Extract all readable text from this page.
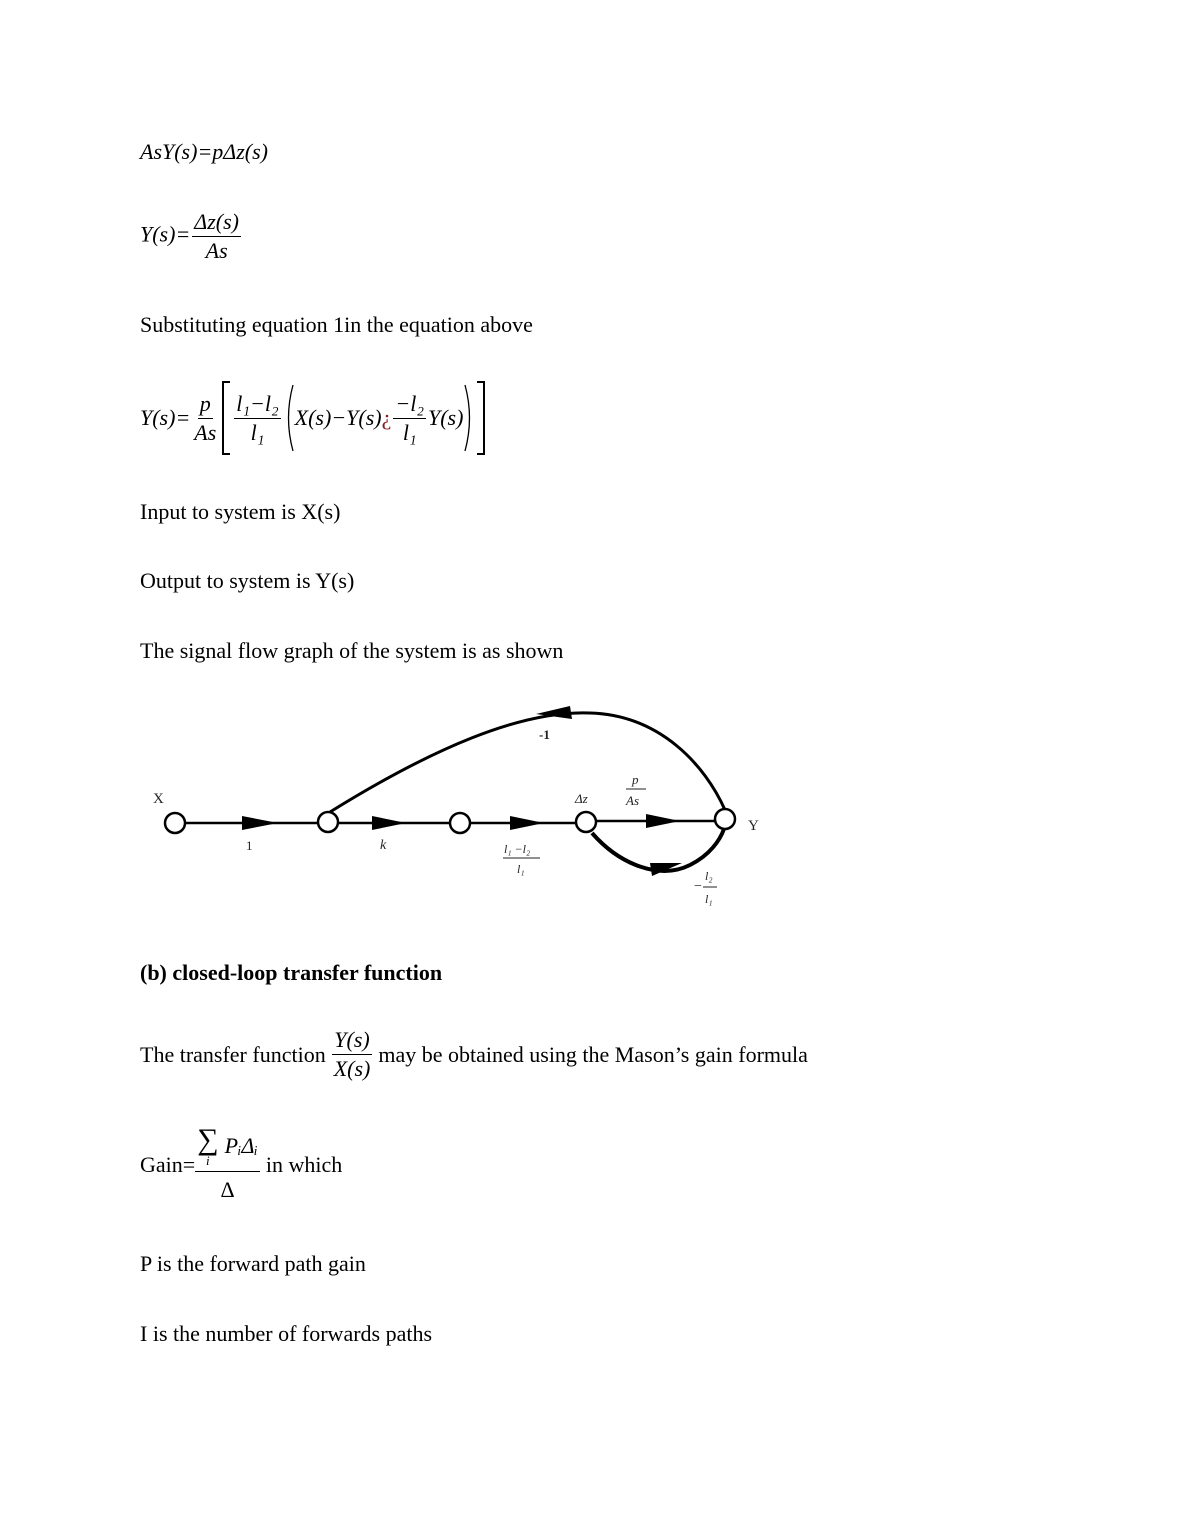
AsY(s)=pΔz(s)
$Y(s)= \frac{\Delta z(s)}{As}$
Substituting equation 1in the equation above
$Y(s)= \frac{p}{As} \frac{\text{l₁−l₂}}{\text{l₁}} X(s)-Y(s)$ ¿ $\frac{\text{−l₂}}{\text{l₁}} Y(s)$
Input to system is X(s)
Output to system is Y(s)
The signal flow graph of the system is as shown
X
Y
Δz
1	k
-1
l₁ −l₂
l₁
p
As
−
l₂
l₁
(b) closed-loop transfer function
The transfer function $\frac{Y(s)}{X(s)}$ may be obtained using the Mason’s gain formula
Gain=
∑
i
PᵢΔᵢ
Δ
in which
P is the forward path gain
I is the number of forwards paths
